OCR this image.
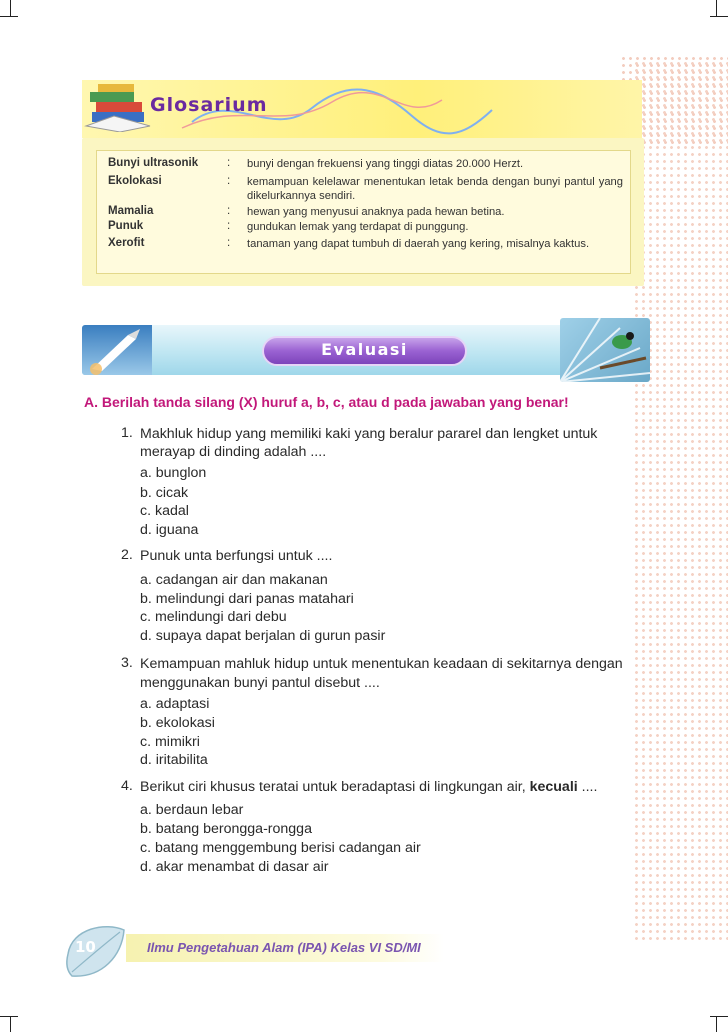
Glosarium
Bunyi ultrasonik	: bunyi dengan frekuensi yang tinggi diatas 20.000 Herzt.
Ekolokasi	: kemampuan kelelawar menentukan letak benda dengan bunyi pantul yang dikelurkannya sendiri.
Mamalia	: hewan yang menyusui anaknya pada hewan betina.
Punuk	: gundukan lemak yang terdapat di punggung.
Xerofit	: tanaman yang dapat tumbuh di daerah yang kering, misalnya kaktus.
Evaluasi
A. Berilah tanda silang (X) huruf a, b, c, atau d pada jawaban yang benar!
1. Makhluk hidup yang memiliki kaki yang beralur pararel dan lengket untuk
merayap di dinding adalah ....
a. bunglon
b. cicak
c. kadal
d. iguana
2. Punuk unta berfungsi untuk ....
a. cadangan air dan makanan
b. melindungi dari panas matahari
c. melindungi dari debu
d. supaya dapat berjalan di gurun pasir
3. Kemampuan mahluk hidup untuk menentukan keadaan di sekitarnya dengan
menggunakan bunyi pantul disebut ....
a. adaptasi
b. ekolokasi
c. mimikri
d. iritabilita
4. Berikut ciri khusus teratai untuk beradaptasi di lingkungan air, kecuali ....
a. berdaun lebar
b. batang berongga-rongga
c. batang menggembung berisi cadangan air
d. akar menambat di dasar air
10	Ilmu Pengetahuan Alam (IPA) Kelas VI SD/MI
